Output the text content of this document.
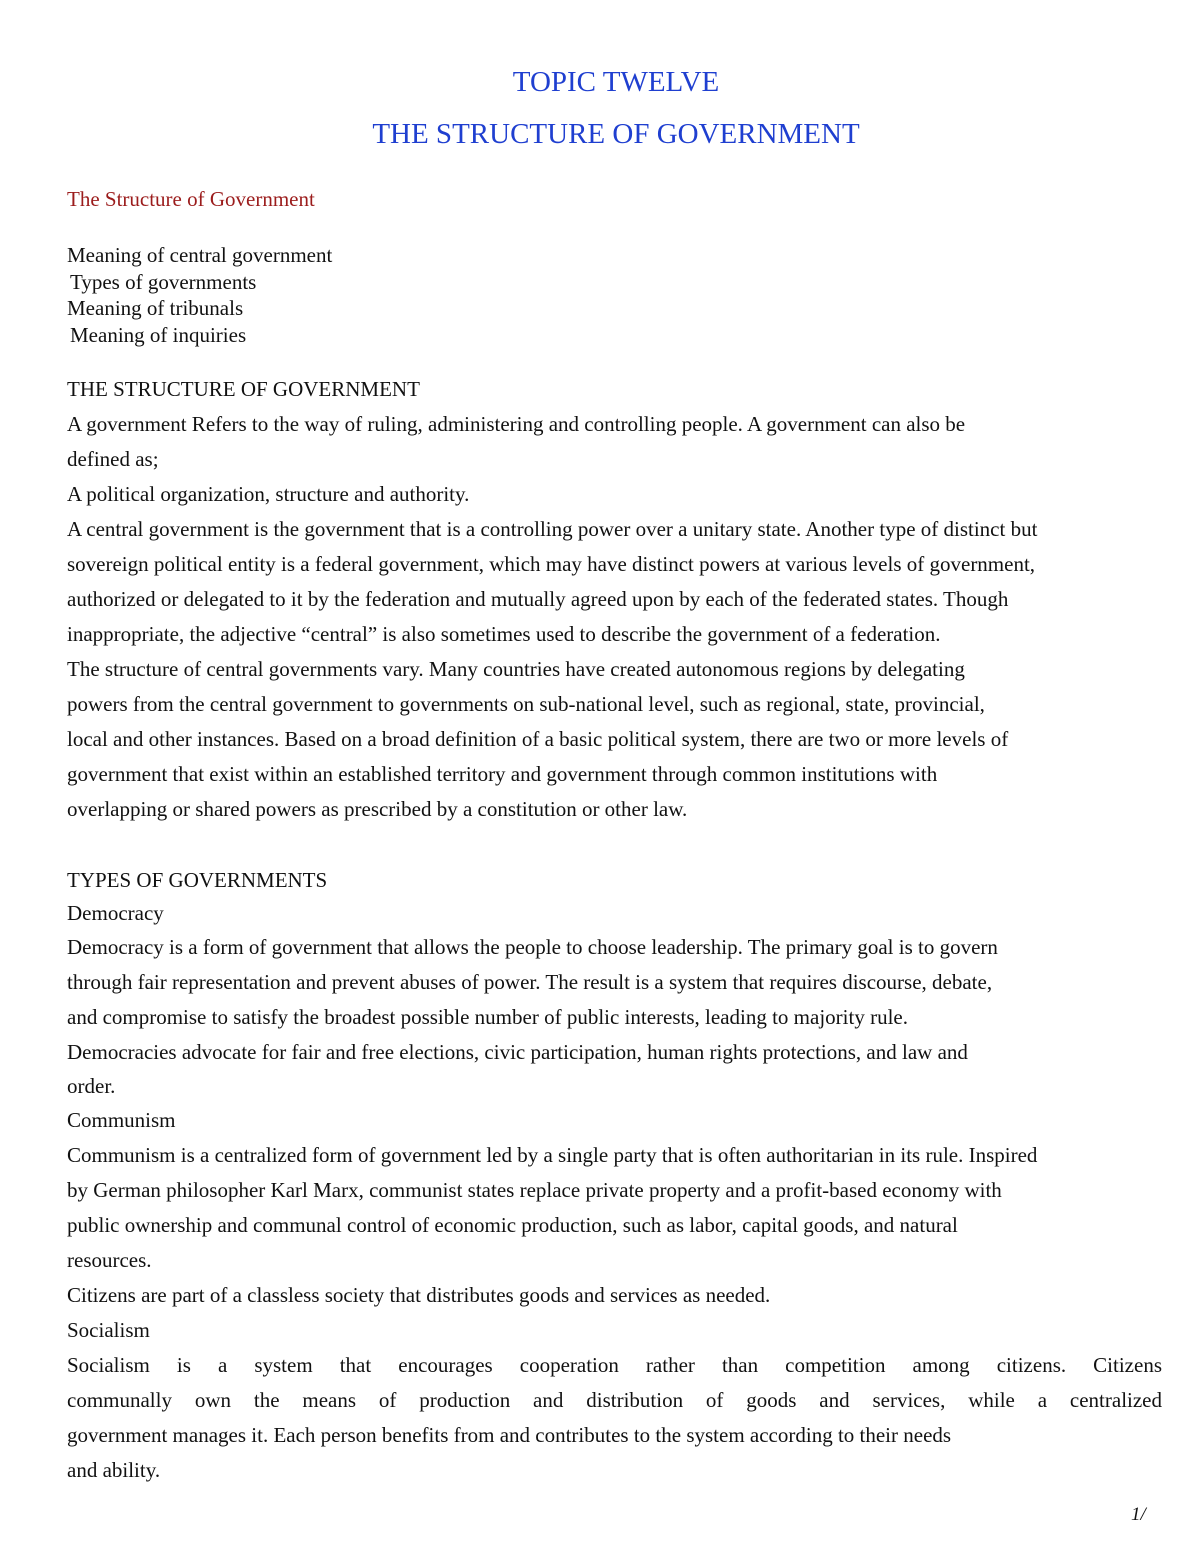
TOPIC TWELVE
THE STRUCTURE OF GOVERNMENT
The Structure of Government
Meaning of central government
Types of governments
Meaning of tribunals
Meaning of inquiries

THE STRUCTURE OF GOVERNMENT

A government Refers to the way of ruling, administering and controlling people. A government can also be

defined as;

A political organization, structure and authority.

A central government is the government that is a controlling power over a unitary state. Another type of distinct but

sovereign political entity is a federal government, which may have distinct powers at various levels of government,

authorized or delegated to it by the federation and mutually agreed upon by each of the federated states. Though

inappropriate, the adjective “central” is also sometimes used to describe the government of a federation.

The structure of central governments vary. Many countries have created autonomous regions by delegating

powers from the central government to governments on sub-national level, such as regional, state, provincial,

local and other instances. Based on a broad definition of a basic political system, there are two or more levels of

government that exist within an established territory and government through common institutions with

overlapping or shared powers as prescribed by a constitution or other law.

TYPES OF GOVERNMENTS

Democracy

Democracy is a form of government that allows the people to choose leadership. The primary goal is to govern

through fair representation and prevent abuses of power. The result is a system that requires discourse, debate,

and compromise to satisfy the broadest possible number of public interests, leading to majority rule.

Democracies advocate for fair and free elections, civic participation, human rights protections, and law and

order.

Communism

Communism is a centralized form of government led by a single party that is often authoritarian in its rule. Inspired

by German philosopher Karl Marx, communist states replace private property and a profit-based economy with

public ownership and communal control of economic production, such as labor, capital goods, and natural

resources.

Citizens are part of a classless society that distributes goods and services as needed.

Socialism

Socialism is a system that encourages cooperation rather than competition among citizens. Citizens

communally own the means of production and distribution of goods and services, while a centralized

government manages it. Each person benefits from and contributes to the system according to their needs

and ability.

1/
